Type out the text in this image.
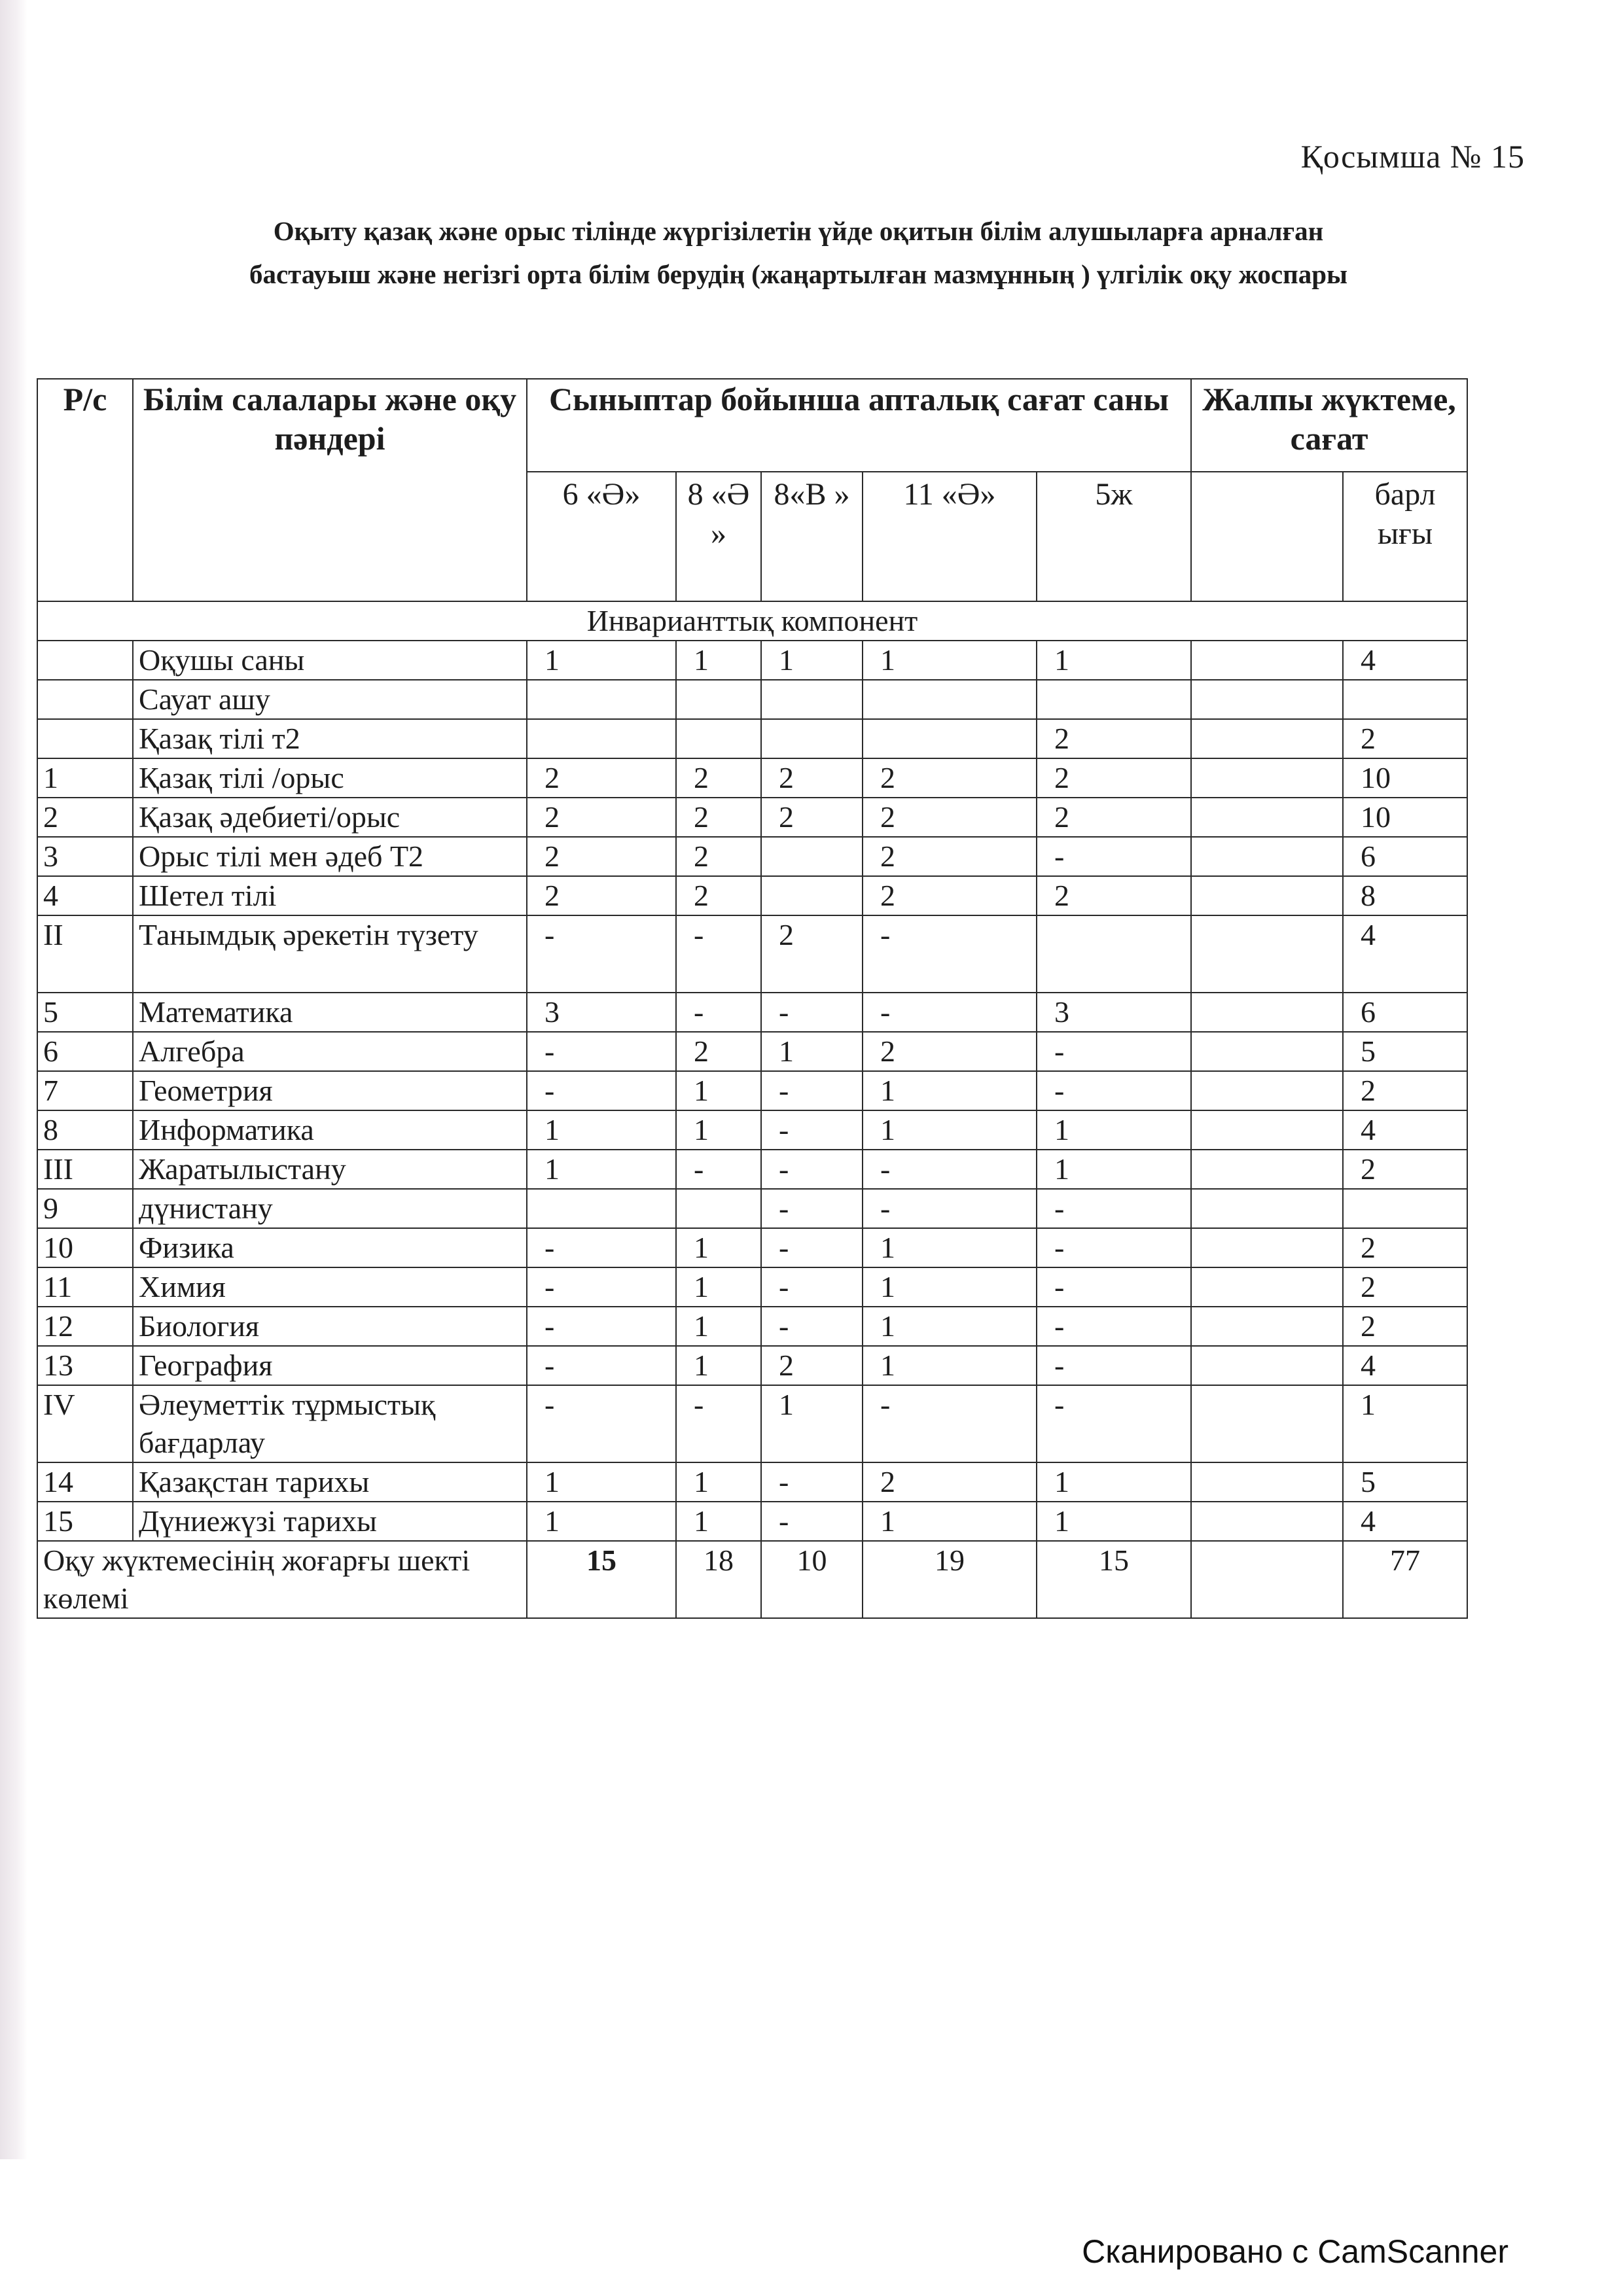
Қосымша № 15
Оқыту қазақ және орыс тілінде жүргізілетін үйде оқитын білім алушыларға арналған
бастауыш және негізгі орта білім берудің (жаңартылған мазмұнның ) үлгілік оқу жоспары
Р/с	Білім салалары және оқу пәндері	Сыныптар бойынша апталық сағат саны					Жалпы жүктеме, сағат	
		6 «Ә»	8 «Ә »	8«В »	11 «Ә»	5ж		барл ығы
Инварианттық компонент								
	Оқушы саны	1	1	1	1	1		4
	Сауат ашу							
	Қазақ тілі т2					2		2
1	Қазақ тілі /орыс	2	2	2	2	2		10
2	Қазақ әдебиеті/орыс	2	2	2	2	2		10
3	Орыс тілі мен әдеб Т2	2	2		2	-		6
4	Шетел тілі	2	2		2	2		8
II	Танымдық әрекетін түзету	-	-	2	-			4
5	Математика	3	-	-	-	3		6
6	Алгебра	-	2	1	2	-		5
7	Геометрия	-	1	-	1	-		2
8	Информатика	1	1	-	1	1		4
III	Жаратылыстану	1	-	-	-	1		2
9	дүнистану			-	-	-		
10	Физика	-	1	-	1	-		2
11	Химия	-	1	-	1	-		2
12	Биология	-	1	-	1	-		2
13	География	-	1	2	1	-		4
IV	Әлеуметтік тұрмыстық бағдарлау	-	-	1	-	-		1
14	Қазақстан тарихы	1	1	-	2	1		5
15	Дүниежүзі тарихы	1	1	-	1	1		4
Оқу жүктемесінің жоғарғы шекті көлемі		15	18	10	19	15		77
Сканировано с CamScanner
